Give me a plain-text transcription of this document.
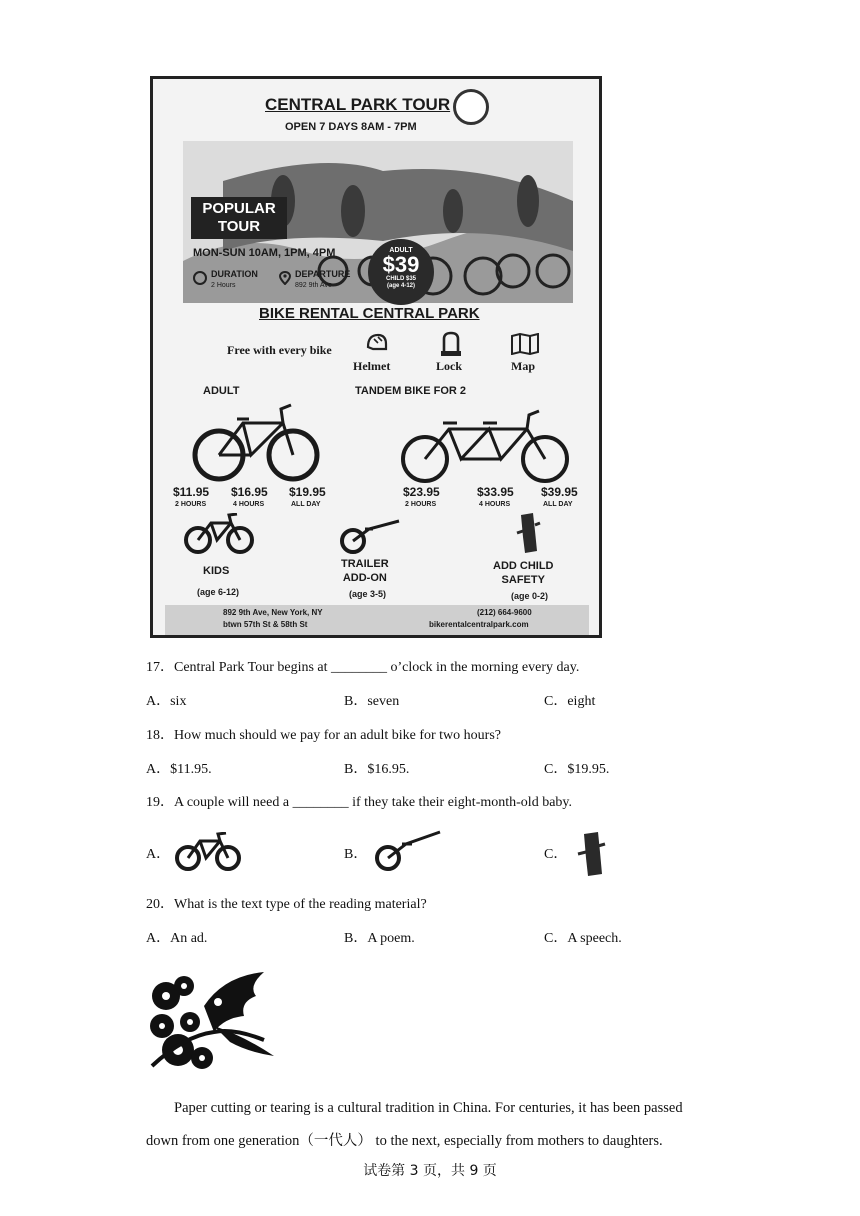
CENTRAL PARK TOUR
OPEN 7 DAYS 8AM - 7PM
POPULAR
TOUR
MON-SUN 10AM, 1PM, 4PM	ADULT
$39
CHILD $35
(age 4-12)
DURATION
2 Hours
DEPARTURE
892 9th Ave
BIKE RENTAL CENTRAL PARK
Free with every bike
Helmet	Lock	Map
ADULT	TANDEM BIKE FOR 2
$11.95
2 HOURS
$16.95
4 HOURS
$19.95
ALL DAY
$23.95
2 HOURS
$33.95
4 HOURS
$39.95
ALL DAY
KIDS
(age 6-12)
TRAILER
ADD-ON
(age 3-5)
ADD CHILD
SAFETY
(age 0-2)
892 9th Ave, New York, NY
btwn 57th St & 58th St
(212) 664-9600
bikerentalcentralpark.com
17．Central Park Tour begins at ________ o’clock in the morning every day.
A．six	B．seven	C．eight
18．How much should we pay for an adult bike for two hours?
A．$11.95.	B．$16.95.	C．$19.95.
19．A couple will need a ________ if they take their eight-month-old baby.
A．	B．	C．
20．What is the text type of the reading material?
A．An ad.	B．A poem.	C．A speech.
Paper cutting or tearing is a cultural tradition in China. For centuries, it has been passed
down from one generation（一代人） to the next, especially from mothers to daughters.
试卷第 3 页，共 9 页
